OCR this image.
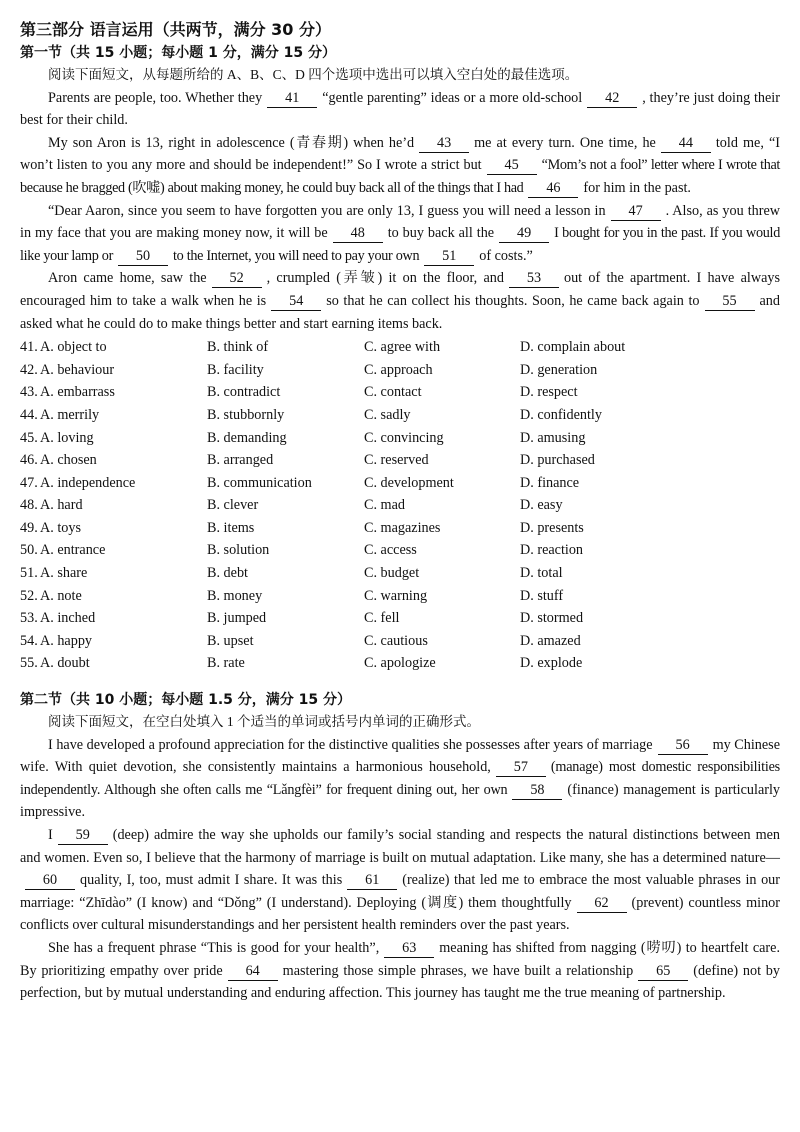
第三部分 语言运用（共两节，满分 30 分）
第一节（共 15 小题；每小题 1 分，满分 15 分）

阅读下面短文，从每题所给的 A、B、C、D 四个选项中选出可以填入空白处的最佳选项。

Parents are people, too. Whether they 41 “gentle parenting” ideas or a more old-school 42 , they’re just doing their best for their child.

My son Aron is 13, right in adolescence (青春期) when he’d 43 me at every turn. One time, he 44 told me, “I won’t listen to you any more and should be independent!” So I wrote a strict but 45 “Mom’s not a fool” letter where I wrote that because he bragged (吹嘘) about making money, he could buy back all of the things that I had 46 for him in the past.

“Dear Aaron, since you seem to have forgotten you are only 13, I guess you will need a lesson in 47 . Also, as you threw in my face that you are making money now, it will be 48 to buy back all the 49 I bought for you in the past. If you would like your lamp or 50 to the Internet, you will need to pay your own 51 of costs.”

Aron came home, saw the 52 , crumpled (弄皱) it on the floor, and 53 out of the apartment. I have always encouraged him to take a walk when he is 54 so that he can collect his thoughts. Soon, he came back again to 55 and asked what he could do to make things better and start earning items back.

41. A. object to	B. think of	C. agree with	D. complain about
42. A. behaviour	B. facility	C. approach	D. generation
43. A. embarrass	B. contradict	C. contact	D. respect
44. A. merrily	B. stubbornly	C. sadly	D. confidently
45. A. loving	B. demanding	C. convincing	D. amusing
46. A. chosen	B. arranged	C. reserved	D. purchased
47. A. independence	B. communication	C. development	D. finance
48. A. hard	B. clever	C. mad	D. easy
49. A. toys	B. items	C. magazines	D. presents
50. A. entrance	B. solution	C. access	D. reaction
51. A. share	B. debt	C. budget	D. total
52. A. note	B. money	C. warning	D. stuff
53. A. inched	B. jumped	C. fell	D. stormed
54. A. happy	B. upset	C. cautious	D. amazed
55. A. doubt	B. rate	C. apologize	D. explode
第二节（共 10 小题；每小题 1.5 分，满分 15 分）

阅读下面短文，在空白处填入 1 个适当的单词或括号内单词的正确形式。

I have developed a profound appreciation for the distinctive qualities she possesses after years of marriage 56 my Chinese wife. With quiet devotion, she consistently maintains a harmonious household, 57 (manage) most domestic responsibilities independently. Although she often calls me “Lǎngfèi” for frequent dining out, her own 58 (finance) management is particularly impressive.

I 59 (deep) admire the way she upholds our family’s social standing and respects the natural distinctions between men and women. Even so, I believe that the harmony of marriage is built on mutual adaptation. Like many, she has a determined nature—60 quality, I, too, must admit I share. It was this 61 (realize) that led me to embrace the most valuable phrases in our marriage: “Zhīdào” (I know) and “Dǒng” (I understand). Deploying (调度) them thoughtfully 62 (prevent) countless minor conflicts over cultural misunderstandings and her persistent health reminders over the past years.

She has a frequent phrase “This is good for your health”, 63 meaning has shifted from nagging (唠叨) to heartfelt care. By prioritizing empathy over pride 64 mastering those simple phrases, we have built a relationship 65 (define) not by perfection, but by mutual understanding and enduring affection. This journey has taught me the true meaning of partnership.
